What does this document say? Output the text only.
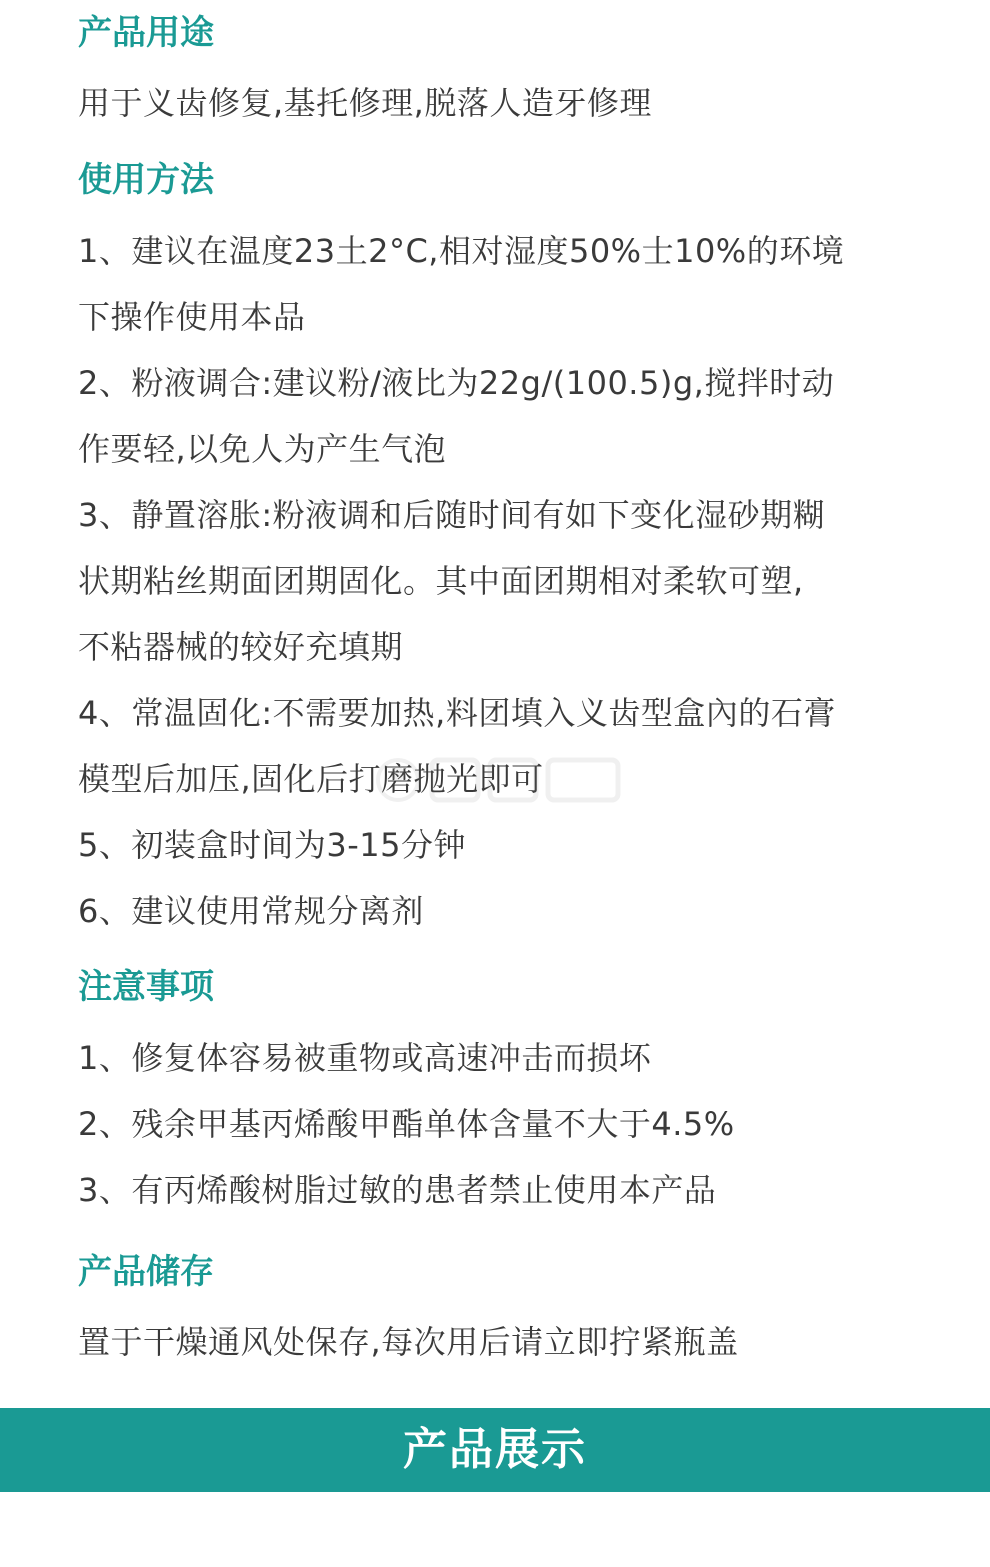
产品用途
用于义齿修复,基托修理,脱落人造牙修理
使用方法
1、建议在温度23土2°C,相对湿度50%士10%的环境
下操作使用本品
2、粉液调合:建议粉/液比为22g/(100.5)g,搅拌时动
作要轻,以免人为产生气泡
3、静置溶胀:粉液调和后随时间有如下变化湿砂期糊
状期粘丝期面团期固化。其中面团期相对柔软可塑,
不粘器械的较好充填期
4、常温固化:不需要加热,料团填入义齿型盒內的石膏
模型后加压,固化后打磨抛光即可
5、初装盒时间为3-15分钟
6、建议使用常规分离剂
注意事项
1、修复体容易被重物或高速冲击而损坏
2、残余甲基丙烯酸甲酯单体含量不大于4.5%
3、有丙烯酸树脂过敏的患者禁止使用本产品
产品储存
置于干燥通风处保存,每次用后请立即拧紧瓶盖
产品展示
